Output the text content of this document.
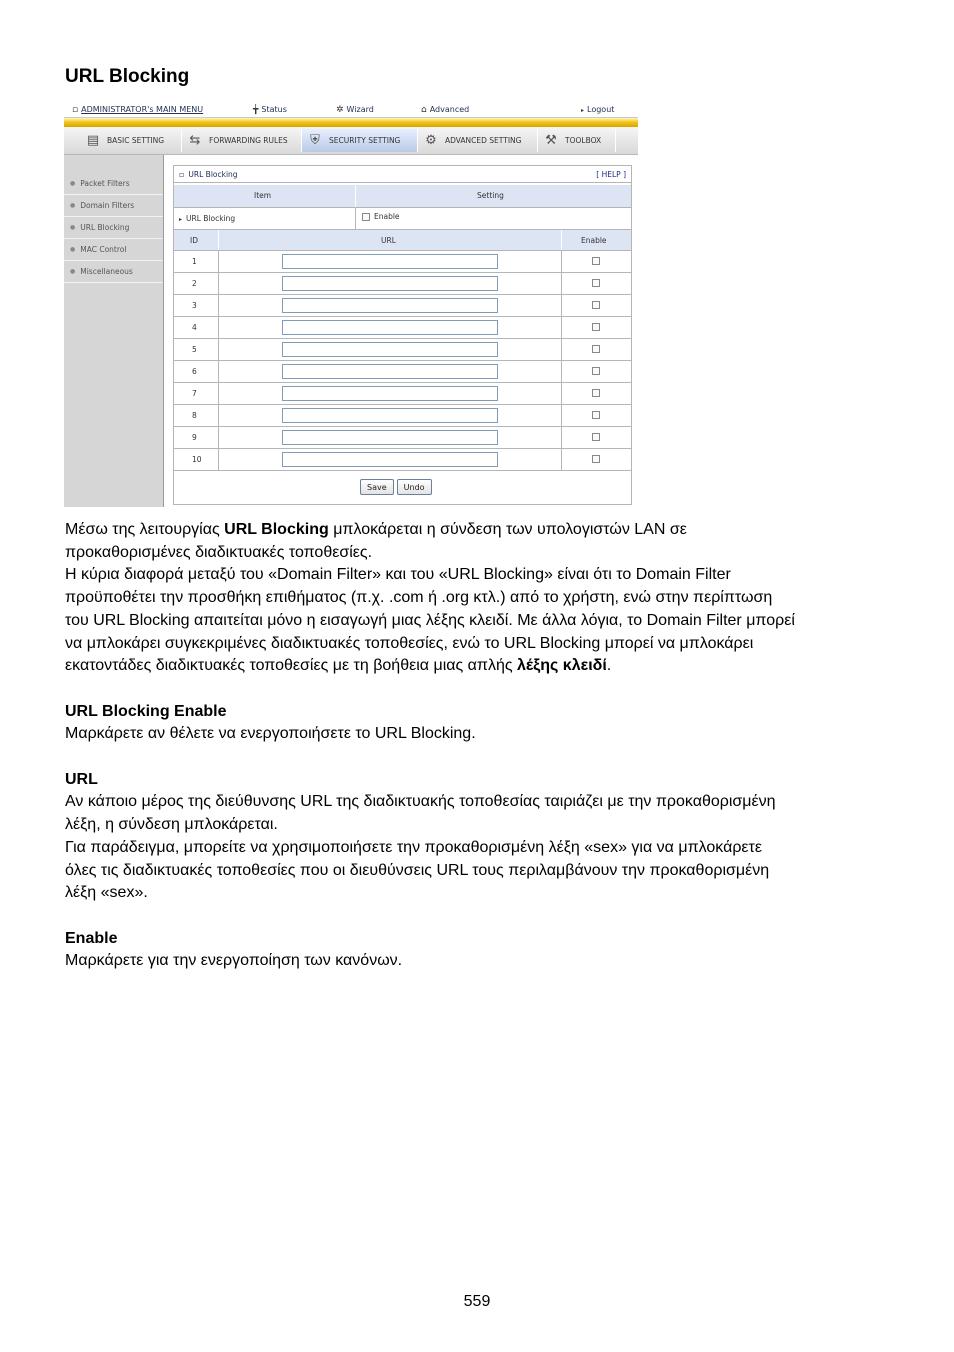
URL Blocking
▫ ADMINISTRATOR's MAIN MENU	╈ Status	✲ Wizard	⌂ Advanced	▸ Logout
▤	BASIC SETTING ⇆	FORWARDING RULES	⛨	SECURITY SETTING ⚙	ADVANCED SETTING ⚒	TOOLBOX
● Packet Filters
● Domain Filters
● URL Blocking
● MAC Control
● Miscellaneous
▫ URL Blocking	[ HELP ]
Item	Setting
▸ URL Blocking	Enable
ID	URL	Enable
1
2
3
4
5
6
7
8
9
10
Save	Undo

Μέσω της λειτουργίας URL Blocking μπλοκάρεται η σύνδεση των υπολογιστών LAN σε

προκαθορισμένες διαδικτυακές τοποθεσίες.

Η κύρια διαφορά μεταξύ του «Domain Filter» και του «URL Blocking» είναι ότι το Domain Filter

προϋποθέτει την προσθήκη επιθήματος (π.χ. .com ή .org κτλ.) από το χρήστη, ενώ στην περίπτωση

του URL Blocking απαιτείται μόνο η εισαγωγή μιας λέξης κλειδί. Με άλλα λόγια, το Domain Filter μπορεί

να μπλοκάρει συγκεκριμένες διαδικτυακές τοποθεσίες, ενώ το URL Blocking μπορεί να μπλοκάρει

εκατοντάδες διαδικτυακές τοποθεσίες με τη βοήθεια μιας απλής λέξης κλειδί.

URL Blocking Enable

Μαρκάρετε αν θέλετε να ενεργοποιήσετε το URL Blocking.

URL

Αν κάποιο μέρος της διεύθυνσης URL της διαδικτυακής τοποθεσίας ταιριάζει με την προκαθορισμένη

λέξη, η σύνδεση μπλοκάρεται.

Για παράδειγμα, μπορείτε να χρησιμοποιήσετε την προκαθορισμένη λέξη «sex» για να μπλοκάρετε

όλες τις διαδικτυακές τοποθεσίες που οι διευθύνσεις URL τους περιλαμβάνουν την προκαθορισμένη

λέξη «sex».

Enable

Μαρκάρετε για την ενεργοποίηση των κανόνων.

559
